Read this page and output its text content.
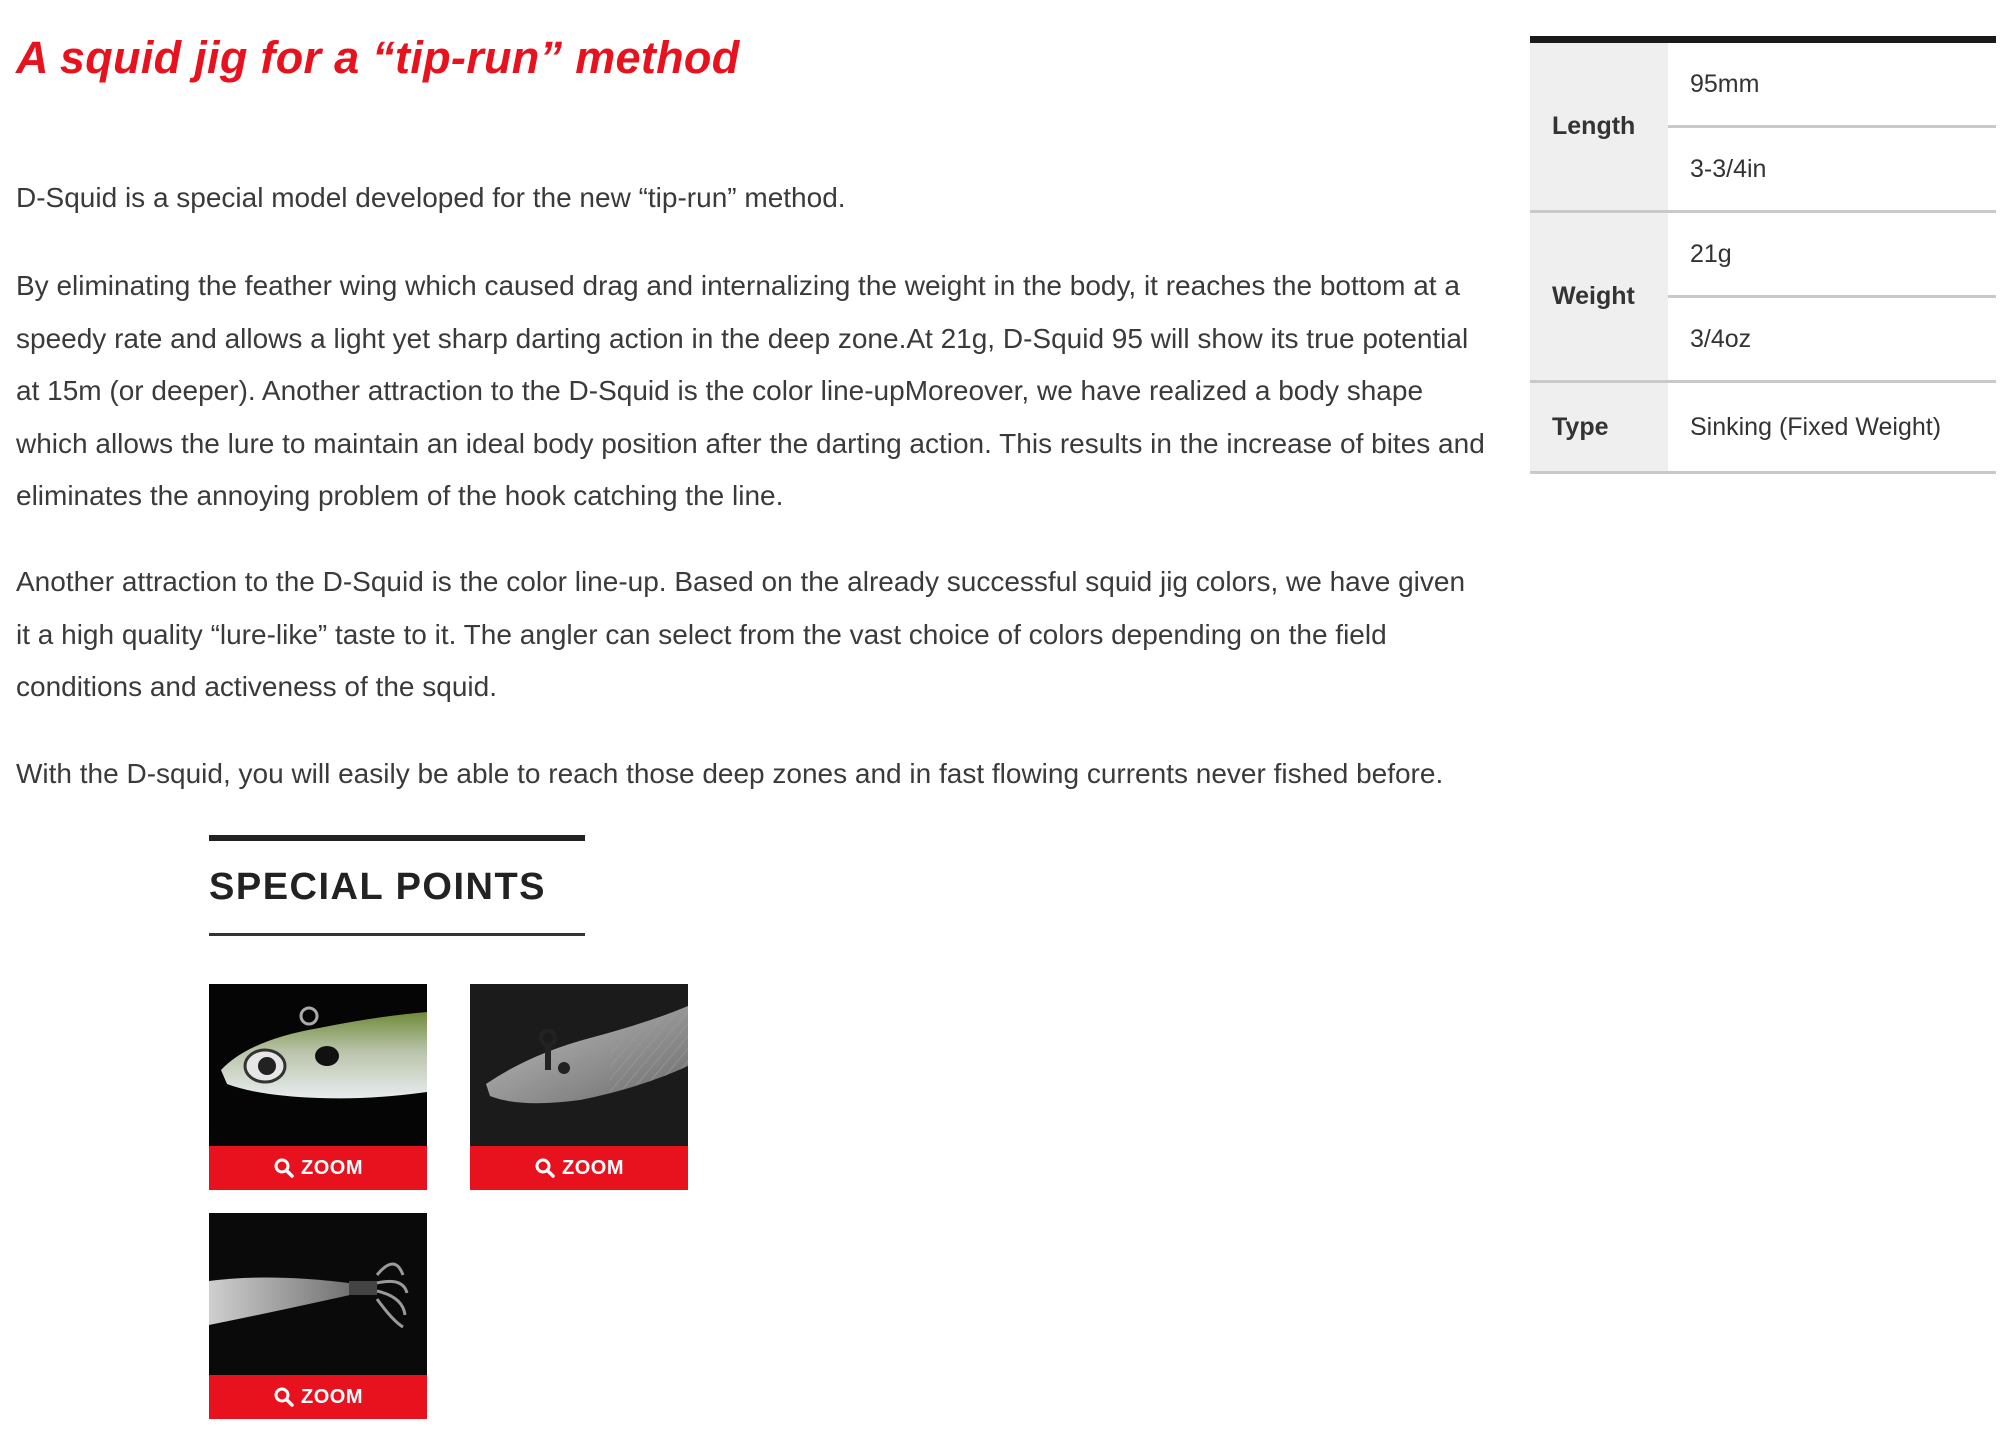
A squid jig for a “tip-run” method

D-Squid is a special model developed for the new “tip-run” method.

By eliminating the feather wing which caused drag and internalizing the weight in the body, it reaches the bottom at a speedy rate and allows a light yet sharp darting action in the deep zone.At 21g, D-Squid 95 will show its true potential at 15m (or deeper). Another attraction to the D-Squid is the color line-upMoreover, we have realized a body shape which allows the lure to maintain an ideal body position after the darting action. This results in the increase of bites and eliminates the annoying problem of the hook catching the line.

Another attraction to the D-Squid is the color line-up. Based on the already successful squid jig colors, we have given it a high quality “lure-like” taste to it. The angler can select from the vast choice of colors depending on the field conditions and activeness of the squid.

With the D-squid, you will easily be able to reach those deep zones and in fast flowing currents never fished before.

SPECIAL POINTS
ZOOM	ZOOM
ZOOM
Length
95mm
3-3/4in
Weight
21g
3/4oz
Type	Sinking (Fixed Weight)
